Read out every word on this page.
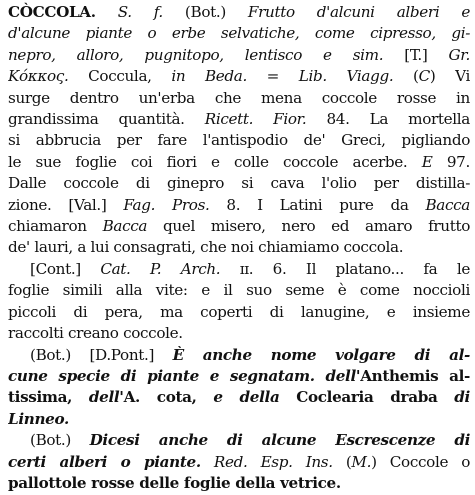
CÒCCOLA. S. f. (Bot.) Frutto d'alcuni alberi e
d'alcune piante o erbe selvatiche, come cipresso, gi-
nepro, alloro, pugnitopo, lentisco e sim. [T.] Gr.
Κόκκος. Coccula, in Beda. = Lib. Viagg. (C) Vi
surge dentro un'erba che mena coccole rosse in
grandissima quantità. Ricett. Fior. 84. La mortella
si abbrucia per fare l'antispodio de' Greci, pigliando
le sue foglie coi fiori e colle coccole acerbe. E 97.
Dalle coccole di ginepro si cava l'olio per distilla-
zione. [Val.] Fag. Pros. 8. I Latini pure da Bacca
chiamaron Bacca quel misero, nero ed amaro frutto
de' lauri, a lui consagrati, che noi chiamiamo coccola.
[Cont.] Cat. P. Arch. ɪɪ. 6. Il platano... fa le
foglie simili alla vite: e il suo seme è come noccioli
piccoli di pera, ma coperti di lanugine, e insieme
raccolti creano coccole.
(Bot.) [D.Pont.] È anche nome volgare di al-
cune specie di piante e segnatam. dell'Anthemis al-
tissima, dell'A. cota, e della Coclearia draba di
Linneo.
(Bot.) Dicesi anche di alcune Escrescenze di
certi alberi o piante. Red. Esp. Ins. (M.) Coccole o
pallottole rosse delle foglie della vetrice.
